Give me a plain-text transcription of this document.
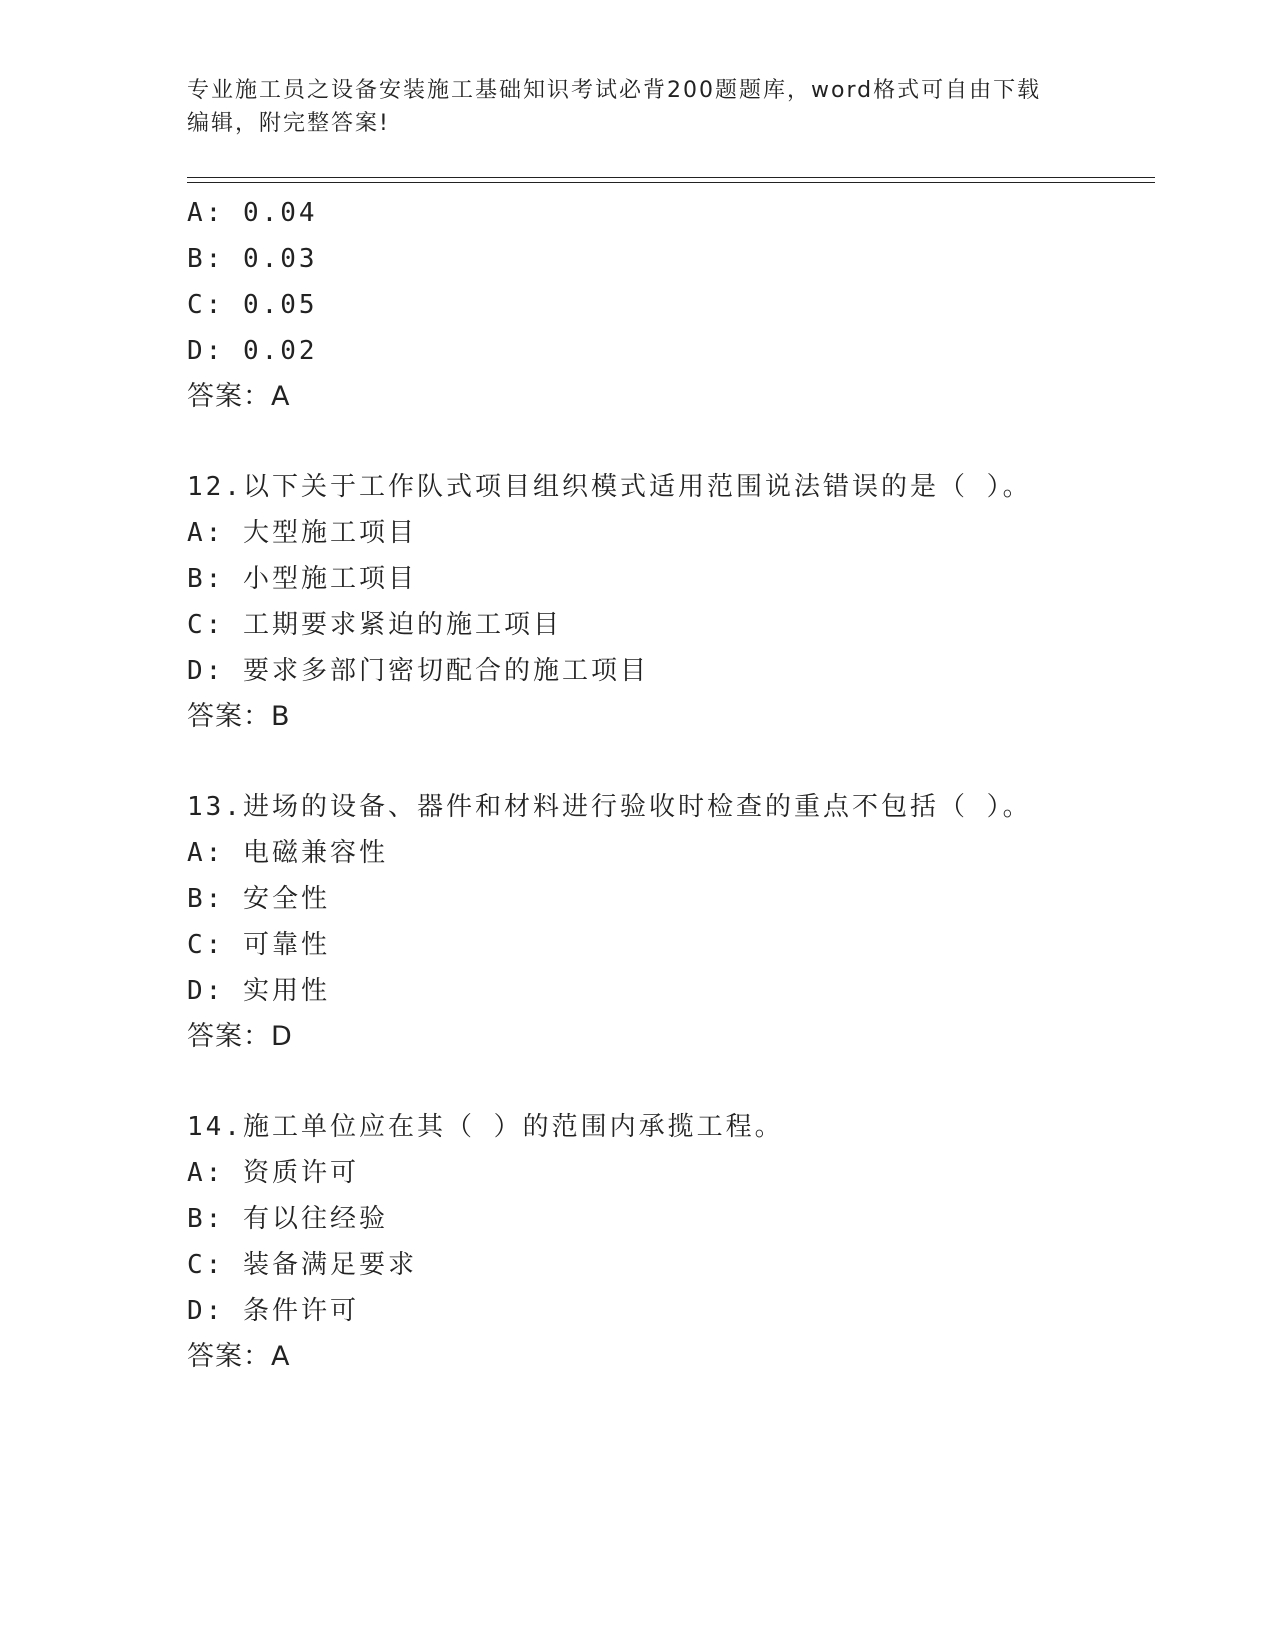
专业施工员之设备安装施工基础知识考试必背200题题库，word格式可自由下载
编辑，附完整答案!
A: 0.04
B: 0.03
C: 0.05
D: 0.02
答案：A
12.以下关于工作队式项目组织模式适用范围说法错误的是（ ）。
A: 大型施工项目
B: 小型施工项目
C: 工期要求紧迫的施工项目
D: 要求多部门密切配合的施工项目
答案：B
13.进场的设备、器件和材料进行验收时检查的重点不包括（ ）。
A: 电磁兼容性
B: 安全性
C: 可靠性
D: 实用性
答案：D
14.施工单位应在其（ ）的范围内承揽工程。
A: 资质许可
B: 有以往经验
C: 装备满足要求
D: 条件许可
答案：A
